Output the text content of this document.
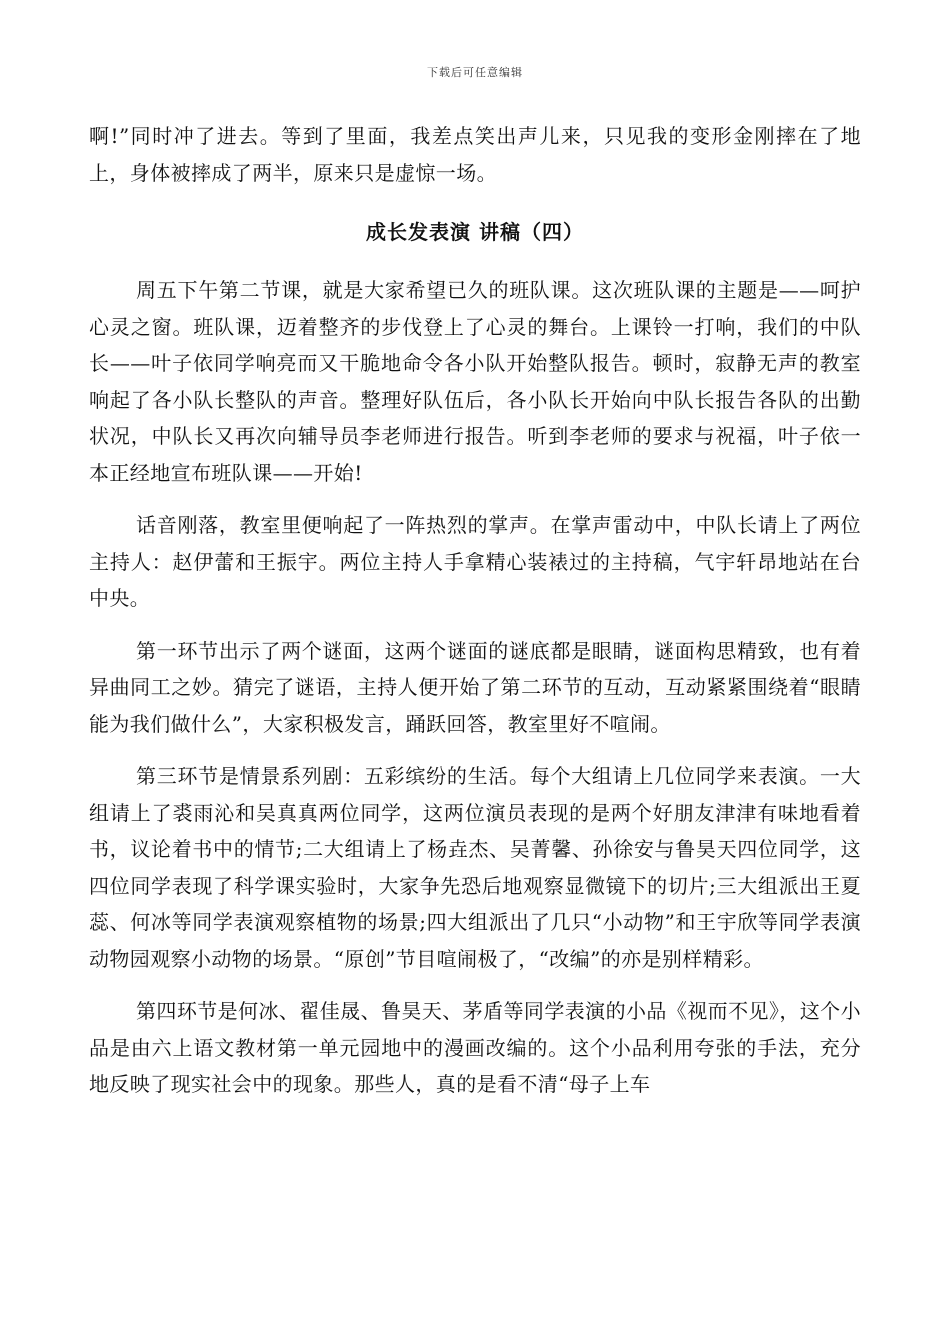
下载后可任意编辑

啊!”同时冲了进去。等到了里面，我差点笑出声儿来，只见我的变形金刚摔在了地上，身体被摔成了两半，原来只是虚惊一场。

成长发表演 讲稿（四）

周五下午第二节课，就是大家希望已久的班队课。这次班队课的主题是——呵护心灵之窗。班队课，迈着整齐的步伐登上了心灵的舞台。上课铃一打响，我们的中队长——叶子依同学响亮而又干脆地命令各小队开始整队报告。顿时，寂静无声的教室响起了各小队长整队的声音。整理好队伍后，各小队长开始向中队长报告各队的出勤状况，中队长又再次向辅导员李老师进行报告。听到李老师的要求与祝福，叶子依一本正经地宣布班队课——开始!

话音刚落，教室里便响起了一阵热烈的掌声。在掌声雷动中，中队长请上了两位主持人：赵伊蕾和王振宇。两位主持人手拿精心装裱过的主持稿，气宇轩昂地站在台中央。

第一环节出示了两个谜面，这两个谜面的谜底都是眼睛，谜面构思精致，也有着异曲同工之妙。猜完了谜语，主持人便开始了第二环节的互动，互动紧紧围绕着“眼睛能为我们做什么”，大家积极发言，踊跃回答，教室里好不喧闹。

第三环节是情景系列剧：五彩缤纷的生活。每个大组请上几位同学来表演。一大组请上了裘雨沁和吴真真两位同学，这两位演员表现的是两个好朋友津津有味地看着书，议论着书中的情节;二大组请上了杨垚杰、吴菁馨、孙徐安与鲁昊天四位同学，这四位同学表现了科学课实验时，大家争先恐后地观察显微镜下的切片;三大组派出王夏蕊、何冰等同学表演观察植物的场景;四大组派出了几只“小动物”和王宇欣等同学表演动物园观察小动物的场景。“原创”节目喧闹极了，“改编”的亦是别样精彩。

第四环节是何冰、翟佳晟、鲁昊天、茅盾等同学表演的小品《视而不见》，这个小品是由六上语文教材第一单元园地中的漫画改编的。这个小品利用夸张的手法，充分地反映了现实社会中的现象。那些人，真的是看不清“母子上车
